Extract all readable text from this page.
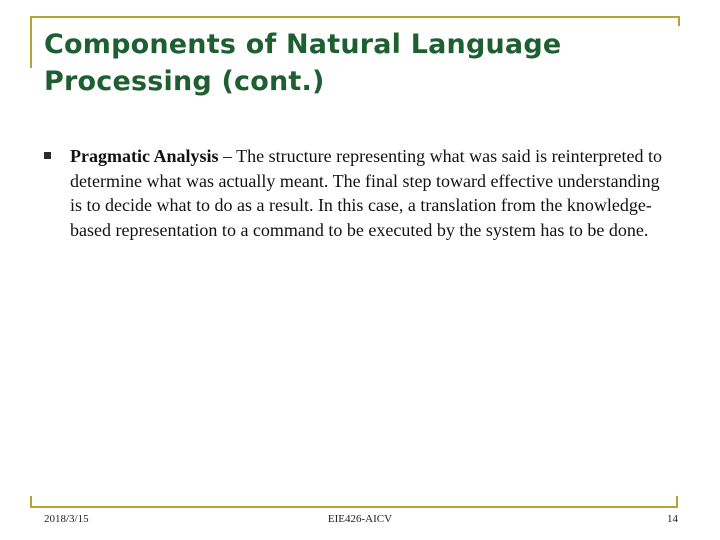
Components of Natural Language Processing (cont.)
Pragmatic Analysis – The structure representing what was said is reinterpreted to determine what was actually meant. The final step toward effective understanding is to decide what to do as a result. In this case, a translation from the knowledge-based representation to a command to be executed by the system has to be done.
2018/3/15	EIE426-AICV	14
